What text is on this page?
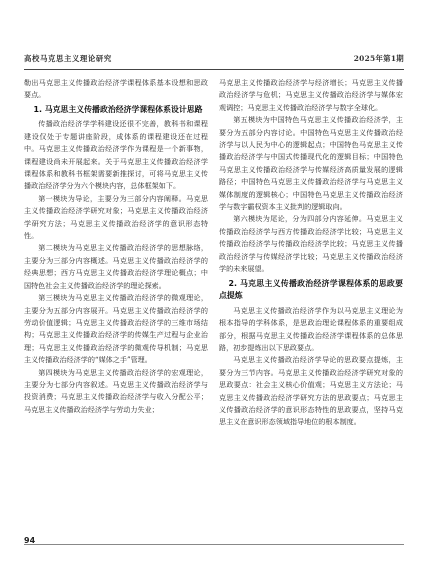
高校马克思主义理论研究	2025年第1期

勒出马克思主义传播政治经济学课程体系基本设想和思政要点。

1. 马克思主义传播政治经济学课程体系设计思路

传播政治经济学学科建设还很不完善，教科书和课程建设仅处于专题讲座阶段，成体系的课程建设还在过程中。马克思主义传播政治经济学作为课程是一个新事物，课程建设尚未开展起来。关于马克思主义传播政治经济学课程体系和教科书框架需要新推探讨，可将马克思主义传播政治经济学分为六个模块内容，总体框架如下。

第一模块为导论，主要分为三部分内容阐释。马克思主义传播政治经济学研究对象；马克思主义传播政治经济学研究方法；马克思主义传播政治经济学的意识形态特性。

第二模块为马克思主义传播政治经济学的思想脉络，主要分为三部分内容概述。马克思主义传播政治经济学的经典思想；西方马克思主义传播政治经济学理论概点；中国特色社会主义传播政治经济学的理论探索。

第三模块为马克思主义传播政治经济学的微观理论，主要分为五部分内容展开。马克思主义传播政治经济学的劳动价值逻辑；马克思主义传播政治经济学的三维市场结构；马克思主义传播政治经济学的传媒生产过程与企业治理；马克思主义传播政治经济学的微观传导机制；马克思主义传播政治经济学的“媒体之手”管理。

第四模块为马克思主义传播政治经济学的宏观理论，主要分为七部分内容叙述。马克思主义传播政治经济学与投资消费；马克思主义传播政治经济学与收入分配公平；马克思主义传播政治经济学与劳动力失业；

马克思主义传播政治经济学与经济增长；马克思主义传播政治经济学与危机；马克思主义传播政治经济学与媒体宏观调控；马克思主义传播政治经济学与数字全球化。

第五模块为中国特色马克思主义传播政治经济学，主要分为五部分内容讨论。中国特色马克思主义传播政治经济学与以人民为中心的逻辑起点；中国特色马克思主义传播政治经济学与中国式传播现代化的逻辑目标；中国特色马克思主义传播政治经济学与传媒经济高质量发展的逻辑路径；中国特色马克思主义传播政治经济学与马克思主义媒体制度的逻辑核心；中国特色马克思主义传播政治经济学与数字霸权资本主义批判的逻辑取向。

第六模块为尾论，分为四部分内容延伸。马克思主义传播政治经济学与西方传播政治经济学比较；马克思主义传播政治经济学与传播政治经济学比较；马克思主义传播政治经济学与传媒经济学比较；马克思主义传播政治经济学的未来展望。

2. 马克思主义传播政治经济学课程体系的思政要点提炼

马克思主义传播政治经济学作为以马克思主义理论为根本指导的学科体系，是思政治理论课程体系的重要组成部分，根据马克思主义传播政治经济学课程体系的总体思路，初步提炼出以下思政要点。

马克思主义传播政治经济学导论的思政要点提炼，主要分为三节内容。马克思主义传播政治经济学研究对象的思政要点：社会主义核心价值观；马克思主义方法论；马克思主义传播政治经济学研究方法的思政要点；马克思主义传播政治经济学的意识形态特性的思政要点，坚持马克思主义在意识形态领域指导地位的根本制度。

94
